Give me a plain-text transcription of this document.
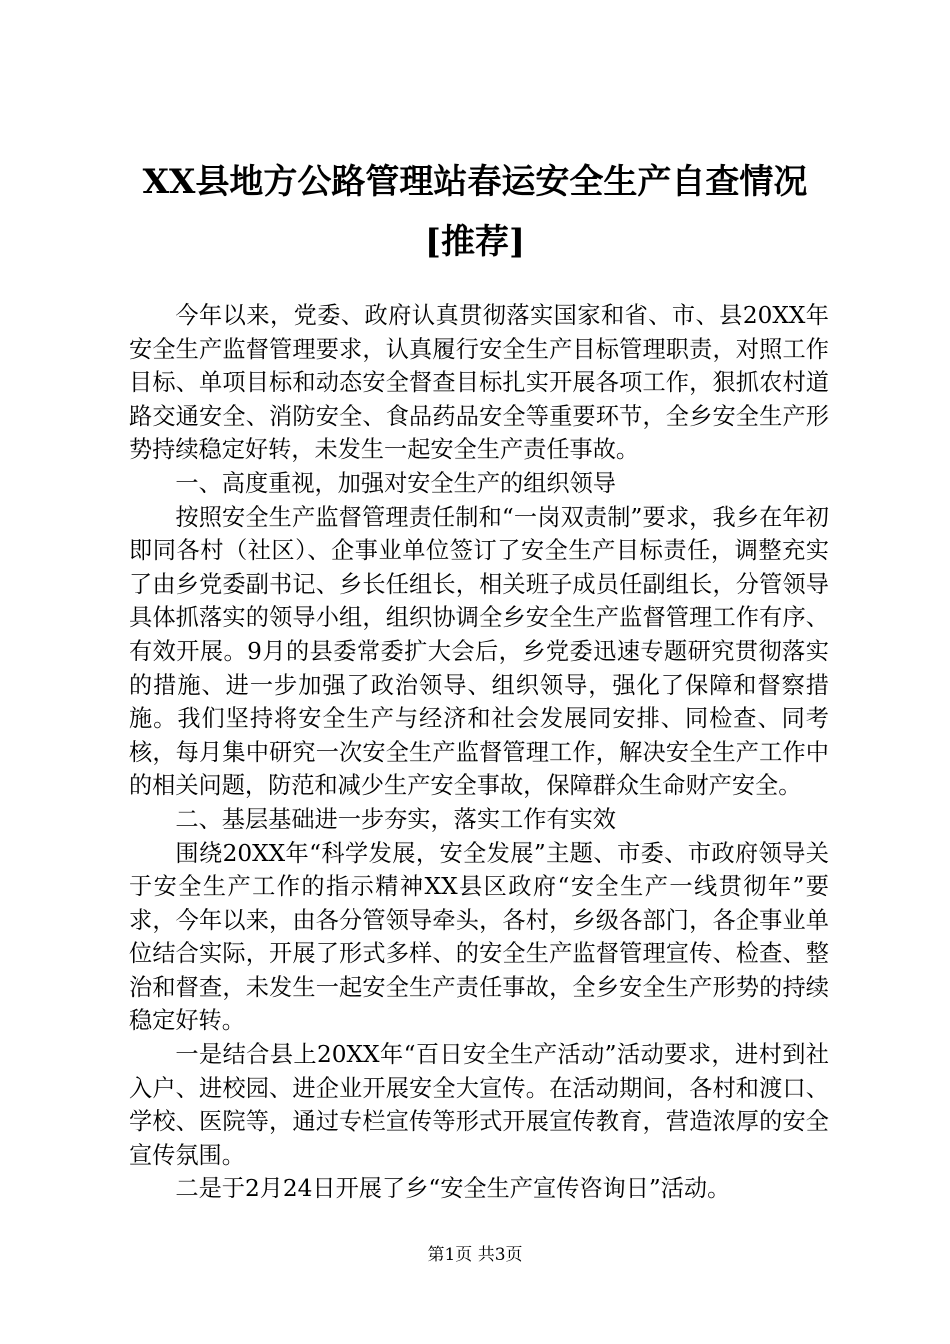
XX县地方公路管理站春运安全生产自查情况
[推荐]

今年以来，党委、政府认真贯彻落实国家和省、市、县20XX年安全生产监督管理要求，认真履行安全生产目标管理职责，对照工作目标、单项目标和动态安全督查目标扎实开展各项工作，狠抓农村道路交通安全、消防安全、食品药品安全等重要环节，全乡安全生产形势持续稳定好转，未发生一起安全生产责任事故。

一、高度重视，加强对安全生产的组织领导

按照安全生产监督管理责任制和“一岗双责制”要求，我乡在年初即同各村（社区）、企事业单位签订了安全生产目标责任，调整充实了由乡党委副书记、乡长任组长，相关班子成员任副组长，分管领导具体抓落实的领导小组，组织协调全乡安全生产监督管理工作有序、有效开展。9月的县委常委扩大会后，乡党委迅速专题研究贯彻落实的措施、进一步加强了政治领导、组织领导，强化了保障和督察措施。我们坚持将安全生产与经济和社会发展同安排、同检查、同考核，每月集中研究一次安全生产监督管理工作，解决安全生产工作中的相关问题，防范和减少生产安全事故，保障群众生命财产安全。

二、基层基础进一步夯实，落实工作有实效

围绕20XX年“科学发展，安全发展”主题、市委、市政府领导关于安全生产工作的指示精神XX县区政府“安全生产一线贯彻年”要求，今年以来，由各分管领导牵头，各村，乡级各部门，各企事业单位结合实际，开展了形式多样、的安全生产监督管理宣传、检查、整治和督查，未发生一起安全生产责任事故，全乡安全生产形势的持续稳定好转。

一是结合县上20XX年“百日安全生产活动”活动要求，进村到社入户、进校园、进企业开展安全大宣传。在活动期间，各村和渡口、学校、医院等，通过专栏宣传等形式开展宣传教育，营造浓厚的安全宣传氛围。

二是于2月24日开展了乡“安全生产宣传咨询日”活动。

第1页 共3页
